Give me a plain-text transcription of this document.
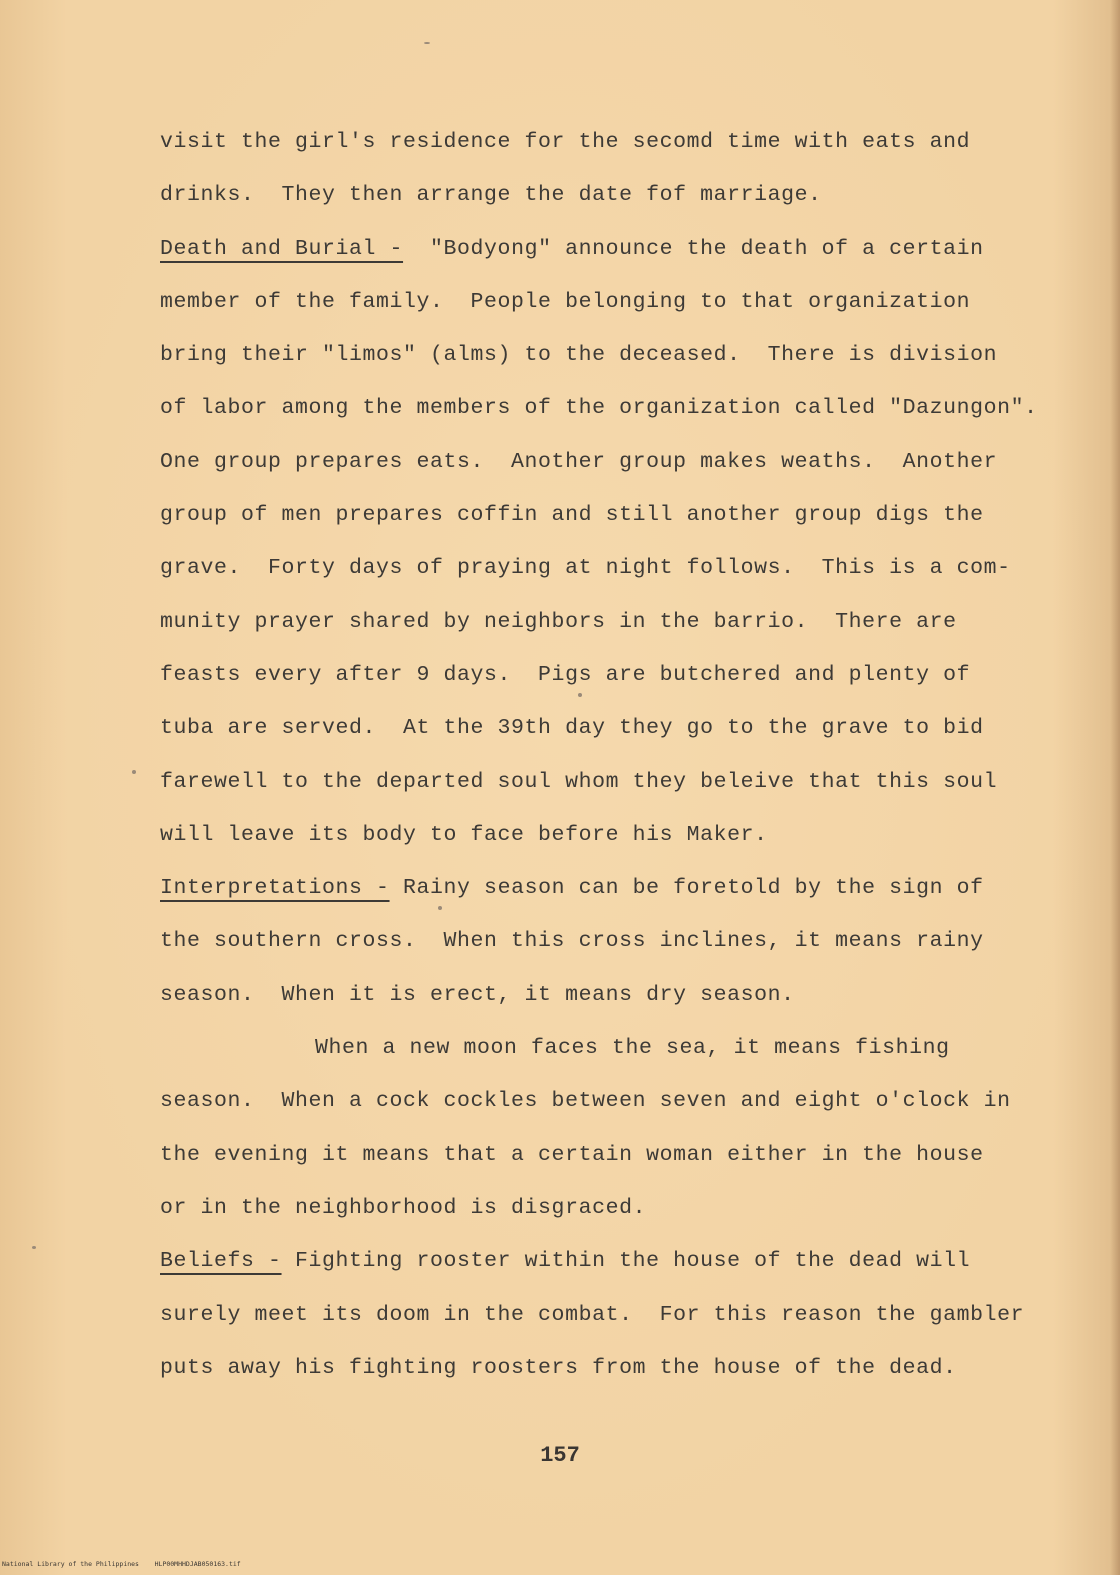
visit the girl's residence for the secomd time with eats and
drinks.  They then arrange the date fof marriage.
Death and Burial -  "Bodyong" announce the death of a certain
member of the family.  People belonging to that organization
bring their "limos" (alms) to the deceased.  There is division
of labor among the members of the organization called "Dazungon".
One group prepares eats.  Another group makes weaths.  Another
group of men prepares coffin and still another group digs the
grave.  Forty days of praying at night follows.  This is a com-
munity prayer shared by neighbors in the barrio.  There are
feasts every after 9 days.  Pigs are butchered and plenty of
tuba are served.  At the 39th day they go to the grave to bid
farewell to the departed soul whom they beleive that this soul
will leave its body to face before his Maker.
Interpretations - Rainy season can be foretold by the sign of
the southern cross.  When this cross inclines, it means rainy
season.  When it is erect, it means dry season.
When a new moon faces the sea, it means fishing
season.  When a cock cockles between seven and eight o'clock in
the evening it means that a certain woman either in the house
or in the neighborhood is disgraced.
Beliefs - Fighting rooster within the house of the dead will
surely meet its doom in the combat.  For this reason the gambler
puts away his fighting roosters from the house of the dead.
157
National Library of the Philippines    HLP00MHHDJAB050163.tif
